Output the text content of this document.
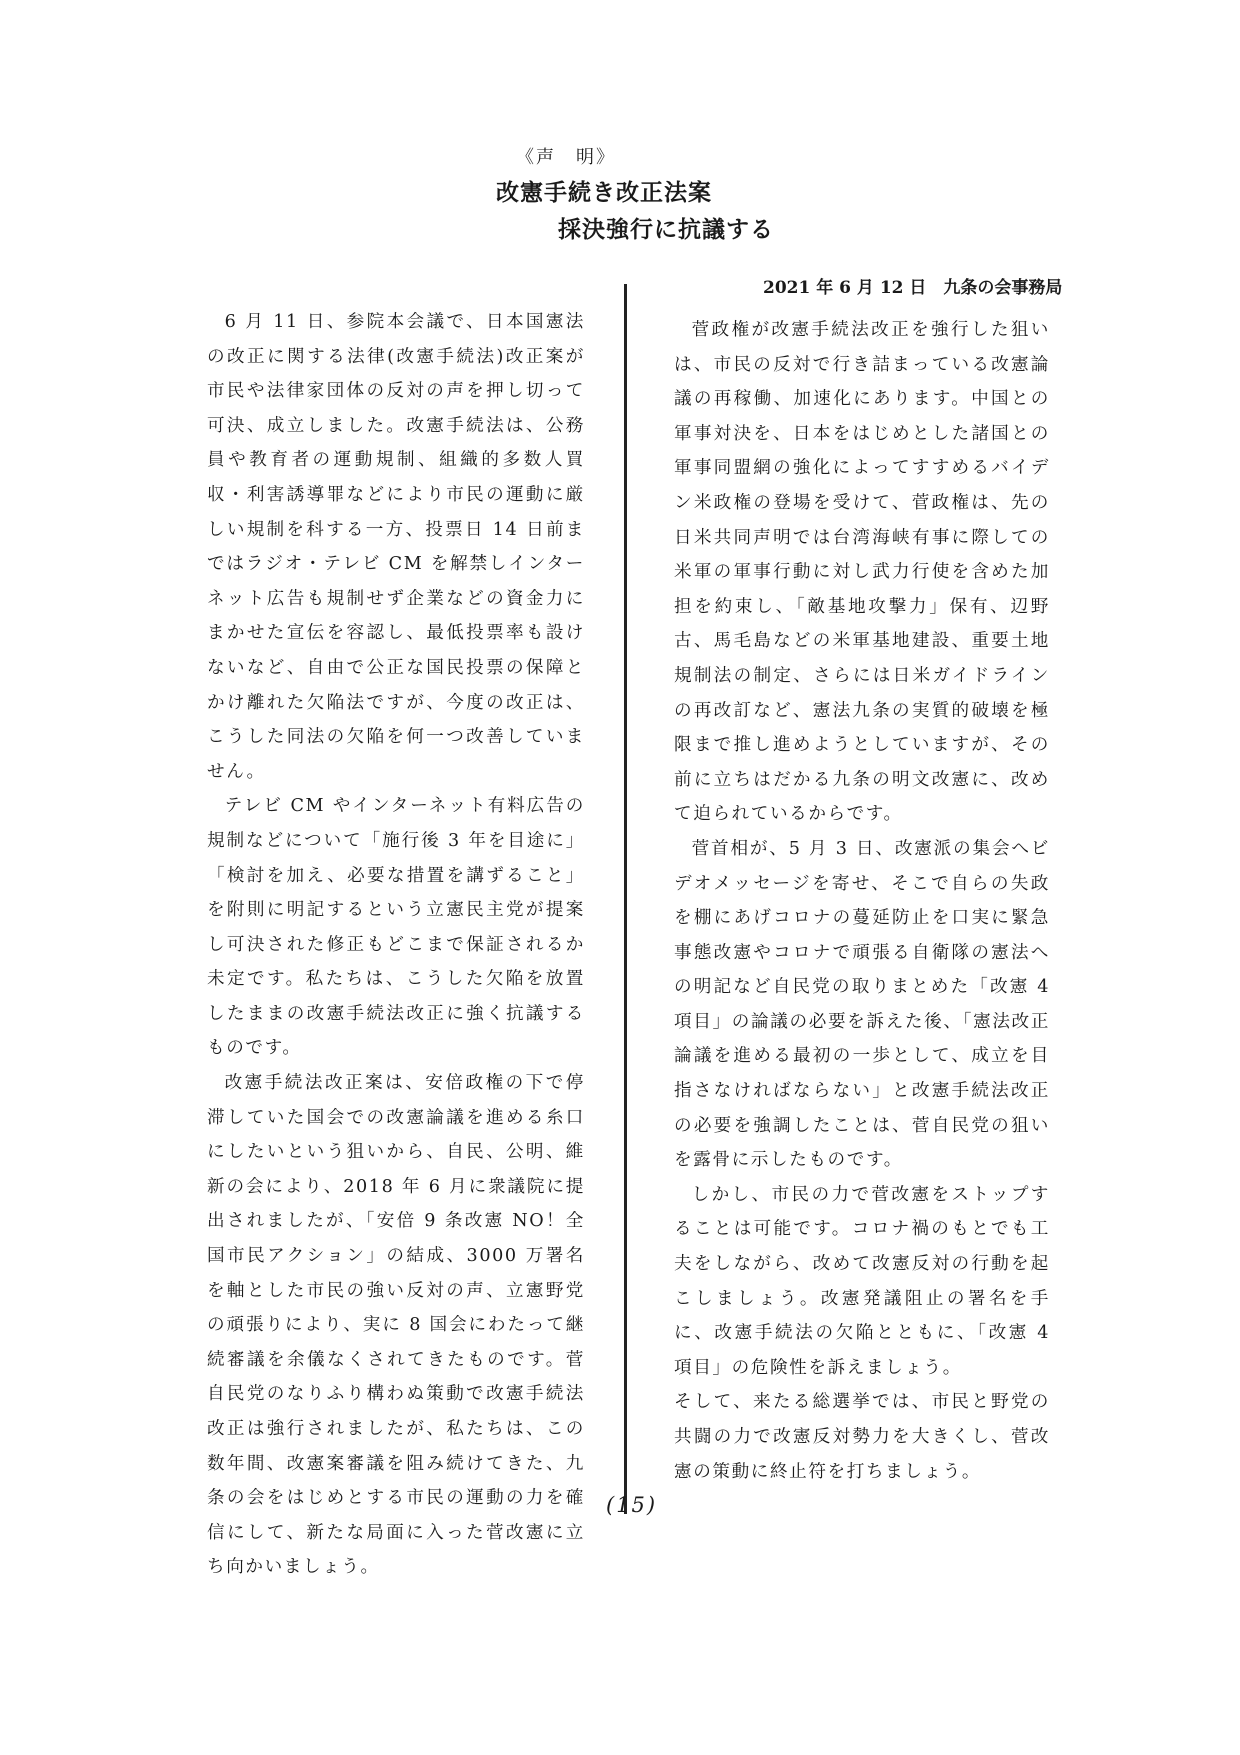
《声　明》
改憲手続き改正法案
採決強行に抗議する
2021 年 6 月 12 日　九条の会事務局

6 月 11 日、参院本会議で、日本国憲法の改正に関する法律(改憲手続法)改正案が市民や法律家団体の反対の声を押し切って可決、成立しました。改憲手続法は、公務員や教育者の運動規制、組織的多数人買収・利害誘導罪などにより市民の運動に厳しい規制を科する一方、投票日 14 日前まではラジオ・テレビ CM を解禁しインターネット広告も規制せず企業などの資金力にまかせた宣伝を容認し、最低投票率も設けないなど、自由で公正な国民投票の保障とかけ離れた欠陥法ですが、今度の改正は、こうした同法の欠陥を何一つ改善していません。

テレビ CM やインターネット有料広告の規制などについて「施行後 3 年を目途に」「検討を加え、必要な措置を講ずること」を附則に明記するという立憲民主党が提案し可決された修正もどこまで保証されるか未定です。私たちは、こうした欠陥を放置したままの改憲手続法改正に強く抗議するものです。

改憲手続法改正案は、安倍政権の下で停滞していた国会での改憲論議を進める糸口にしたいという狙いから、自民、公明、維新の会により、2018 年 6 月に衆議院に提出されましたが、「安倍 9 条改憲 NO！全国市民アクション」の結成、3000 万署名を軸とした市民の強い反対の声、立憲野党の頑張りにより、実に 8 国会にわたって継続審議を余儀なくされてきたものです。菅自民党のなりふり構わぬ策動で改憲手続法改正は強行されましたが、私たちは、この数年間、改憲案審議を阻み続けてきた、九条の会をはじめとする市民の運動の力を確信にして、新たな局面に入った菅改憲に立ち向かいましょう。

菅政権が改憲手続法改正を強行した狙いは、市民の反対で行き詰まっている改憲論議の再稼働、加速化にあります。中国との軍事対決を、日本をはじめとした諸国との軍事同盟網の強化によってすすめるバイデン米政権の登場を受けて、菅政権は、先の日米共同声明では台湾海峡有事に際しての米軍の軍事行動に対し武力行使を含めた加担を約束し、「敵基地攻撃力」保有、辺野古、馬毛島などの米軍基地建設、重要土地規制法の制定、さらには日米ガイドラインの再改訂など、憲法九条の実質的破壊を極限まで推し進めようとしていますが、その前に立ちはだかる九条の明文改憲に、改めて迫られているからです。

菅首相が、5 月 3 日、改憲派の集会へビデオメッセージを寄せ、そこで自らの失政を棚にあげコロナの蔓延防止を口実に緊急事態改憲やコロナで頑張る自衛隊の憲法への明記など自民党の取りまとめた「改憲 4 項目」の論議の必要を訴えた後、「憲法改正論議を進める最初の一歩として、成立を目指さなければならない」と改憲手続法改正の必要を強調したことは、菅自民党の狙いを露骨に示したものです。

しかし、市民の力で菅改憲をストップすることは可能です。コロナ禍のもとでも工夫をしながら、改めて改憲反対の行動を起こしましょう。改憲発議阻止の署名を手に、改憲手続法の欠陥とともに、「改憲 4 項目」の危険性を訴えましょう。

そして、来たる総選挙では、市民と野党の共闘の力で改憲反対勢力を大きくし、菅改憲の策動に終止符を打ちましょう。

(15)
